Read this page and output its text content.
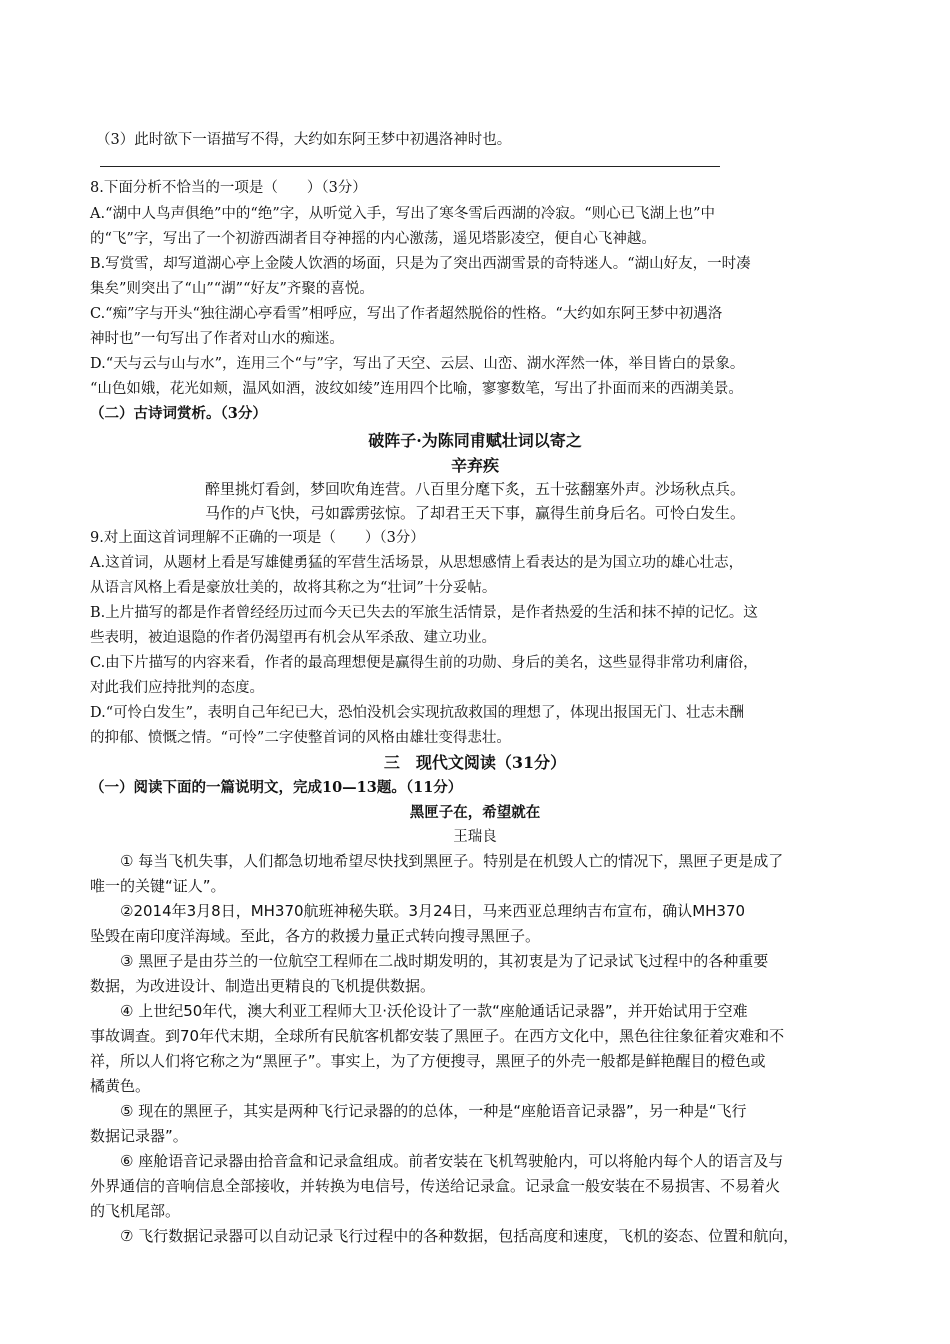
（3）此时欲下一语描写不得，大约如东阿王梦中初遇洛神时也。
8.下面分析不恰当的一项是（　　）（3分）
A.“湖中人鸟声俱绝”中的“绝”字，从听觉入手，写出了寒冬雪后西湖的冷寂。“则心已飞湖上也”中
的“飞”字，写出了一个初游西湖者目夺神摇的内心激荡，遥见塔影凌空，便自心飞神越。
B.写赏雪，却写道湖心亭上金陵人饮酒的场面，只是为了突出西湖雪景的奇特迷人。“湖山好友，一时凑
集矣”则突出了“山”“湖”“好友”齐聚的喜悦。
C.“痴”字与开头“独往湖心亭看雪”相呼应，写出了作者超然脱俗的性格。“大约如东阿王梦中初遇洛
神时也”一句写出了作者对山水的痴迷。
D.“天与云与山与水”，连用三个“与”字，写出了天空、云层、山峦、湖水浑然一体，举目皆白的景象。
“山色如娥，花光如颊，温风如酒，波纹如绫”连用四个比喻，寥寥数笔，写出了扑面而来的西湖美景。
（二）古诗词赏析。（3分）
破阵子·为陈同甫赋壮词以寄之
辛弃疾
醉里挑灯看剑，梦回吹角连营。八百里分麾下炙，五十弦翻塞外声。沙场秋点兵。
马作的卢飞快，弓如霹雳弦惊。了却君王天下事，赢得生前身后名。可怜白发生。
9.对上面这首词理解不正确的一项是（　　）（3分）
A.这首词，从题材上看是写雄健勇猛的军营生活场景，从思想感情上看表达的是为国立功的雄心壮志，
从语言风格上看是豪放壮美的，故将其称之为“壮词”十分妥帖。
B.上片描写的都是作者曾经经历过而今天已失去的军旅生活情景，是作者热爱的生活和抹不掉的记忆。这
些表明，被迫退隐的作者仍渴望再有机会从军杀敌、建立功业。
C.由下片描写的内容来看，作者的最高理想便是赢得生前的功勋、身后的美名，这些显得非常功利庸俗，
对此我们应持批判的态度。
D.“可怜白发生”，表明自己年纪已大，恐怕没机会实现抗敌救国的理想了，体现出报国无门、壮志未酬
的抑郁、愤慨之情。“可怜”二字使整首词的风格由雄壮变得悲壮。
三　现代文阅读（31分）
（一）阅读下面的一篇说明文，完成10—13题。（11分）
黑匣子在，希望就在
王瑞良
① 每当飞机失事，人们都急切地希望尽快找到黑匣子。特别是在机毁人亡的情况下，黑匣子更是成了
唯一的关键“证人”。
②2014年3月8日，MH370航班神秘失联。3月24日，马来西亚总理纳吉布宣布，确认MH370
坠毁在南印度洋海域。至此，各方的救援力量正式转向搜寻黑匣子。
③ 黑匣子是由芬兰的一位航空工程师在二战时期发明的，其初衷是为了记录试飞过程中的各种重要
数据，为改进设计、制造出更精良的飞机提供数据。
④ 上世纪50年代，澳大利亚工程师大卫·沃伦设计了一款“座舱通话记录器”，并开始试用于空难
事故调查。到70年代末期，全球所有民航客机都安装了黑匣子。在西方文化中，黑色往往象征着灾难和不
祥，所以人们将它称之为“黑匣子”。事实上，为了方便搜寻，黑匣子的外壳一般都是鲜艳醒目的橙色或
橘黄色。
⑤ 现在的黑匣子，其实是两种飞行记录器的的总体，一种是“座舱语音记录器”，另一种是“飞行
数据记录器”。
⑥ 座舱语音记录器由拾音盒和记录盒组成。前者安装在飞机驾驶舱内，可以将舱内每个人的语言及与
外界通信的音响信息全部接收，并转换为电信号，传送给记录盒。记录盒一般安装在不易损害、不易着火
的飞机尾部。
⑦ 飞行数据记录器可以自动记录飞行过程中的各种数据，包括高度和速度，飞机的姿态、位置和航向，
